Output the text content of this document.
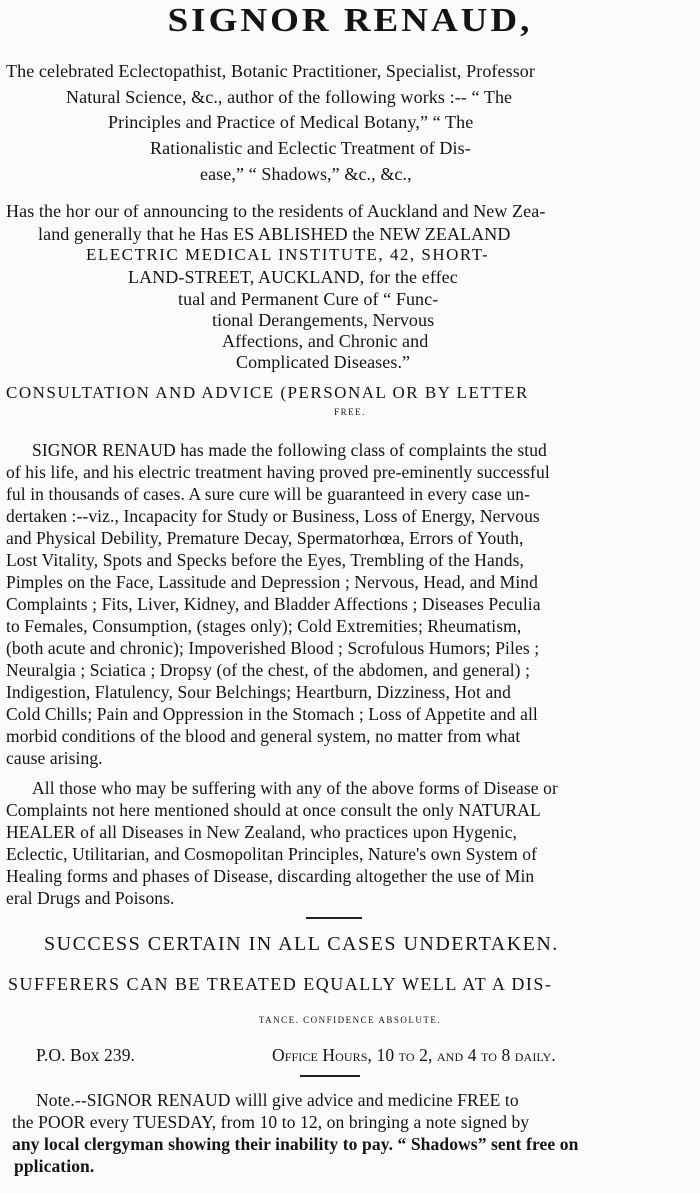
SIGNOR RENAUD,
The celebrated Eclectopathist, Botanic Practitioner, Specialist, Professor
Natural Science, &c., author of the following works :-- “ The
Principles and Practice of Medical Botany,” “ The
Rationalistic and Eclectic Treatment of Dis-
ease,” “ Shadows,” &c., &c.,
Has the hor our of announcing to the residents of Auckland and New Zea-
land generally that he Has ES ABLISHED the NEW ZEALAND
ELECTRIC MEDICAL INSTITUTE, 42, SHORT-
LAND-STREET, AUCKLAND, for the effec
tual and Permanent Cure of “ Func-
tional Derangements, Nervous
Affections, and Chronic and
Complicated Diseases.”
CONSULTATION AND ADVICE (PERSONAL OR BY LETTER
FREE.
SIGNOR RENAUD has made the following class of complaints the stud
of his life, and his electric treatment having proved pre-eminently successful
ful in thousands of cases. A sure cure will be guaranteed in every case un-
dertaken :--viz., Incapacity for Study or Business, Loss of Energy, Nervous
and Physical Debility, Premature Decay, Spermatorhœa, Errors of Youth,
Lost Vitality, Spots and Specks before the Eyes, Trembling of the Hands,
Pimples on the Face, Lassitude and Depression ; Nervous, Head, and Mind
Complaints ; Fits, Liver, Kidney, and Bladder Affections ; Diseases Peculia
to Females, Consumption, (stages only); Cold Extremities; Rheumatism,
(both acute and chronic); Impoverished Blood ; Scrofulous Humors; Piles ;
Neuralgia ; Sciatica ; Dropsy (of the chest, of the abdomen, and general) ;
Indigestion, Flatulency, Sour Belchings; Heartburn, Dizziness, Hot and
Cold Chills; Pain and Oppression in the Stomach ; Loss of Appetite and all
morbid conditions of the blood and general system, no matter from what
cause arising.
All those who may be suffering with any of the above forms of Disease or
Complaints not here mentioned should at once consult the only NATURAL
HEALER of all Diseases in New Zealand, who practices upon Hygenic,
Eclectic, Utilitarian, and Cosmopolitan Principles, Nature's own System of
Healing forms and phases of Disease, discarding altogether the use of Min
eral Drugs and Poisons.
SUCCESS CERTAIN IN ALL CASES UNDERTAKEN.
SUFFERERS CAN BE TREATED EQUALLY WELL AT A DIS-
TANCE. CONFIDENCE ABSOLUTE.
P.O. Box 239.	Office Hours, 10 to 2, and 4 to 8 daily.
Note.--SIGNOR RENAUD willl give advice and medicine FREE to
the POOR every TUESDAY, from 10 to 12, on bringing a note signed by
any local clergyman showing their inability to pay. “ Shadows” sent free on
pplication.
